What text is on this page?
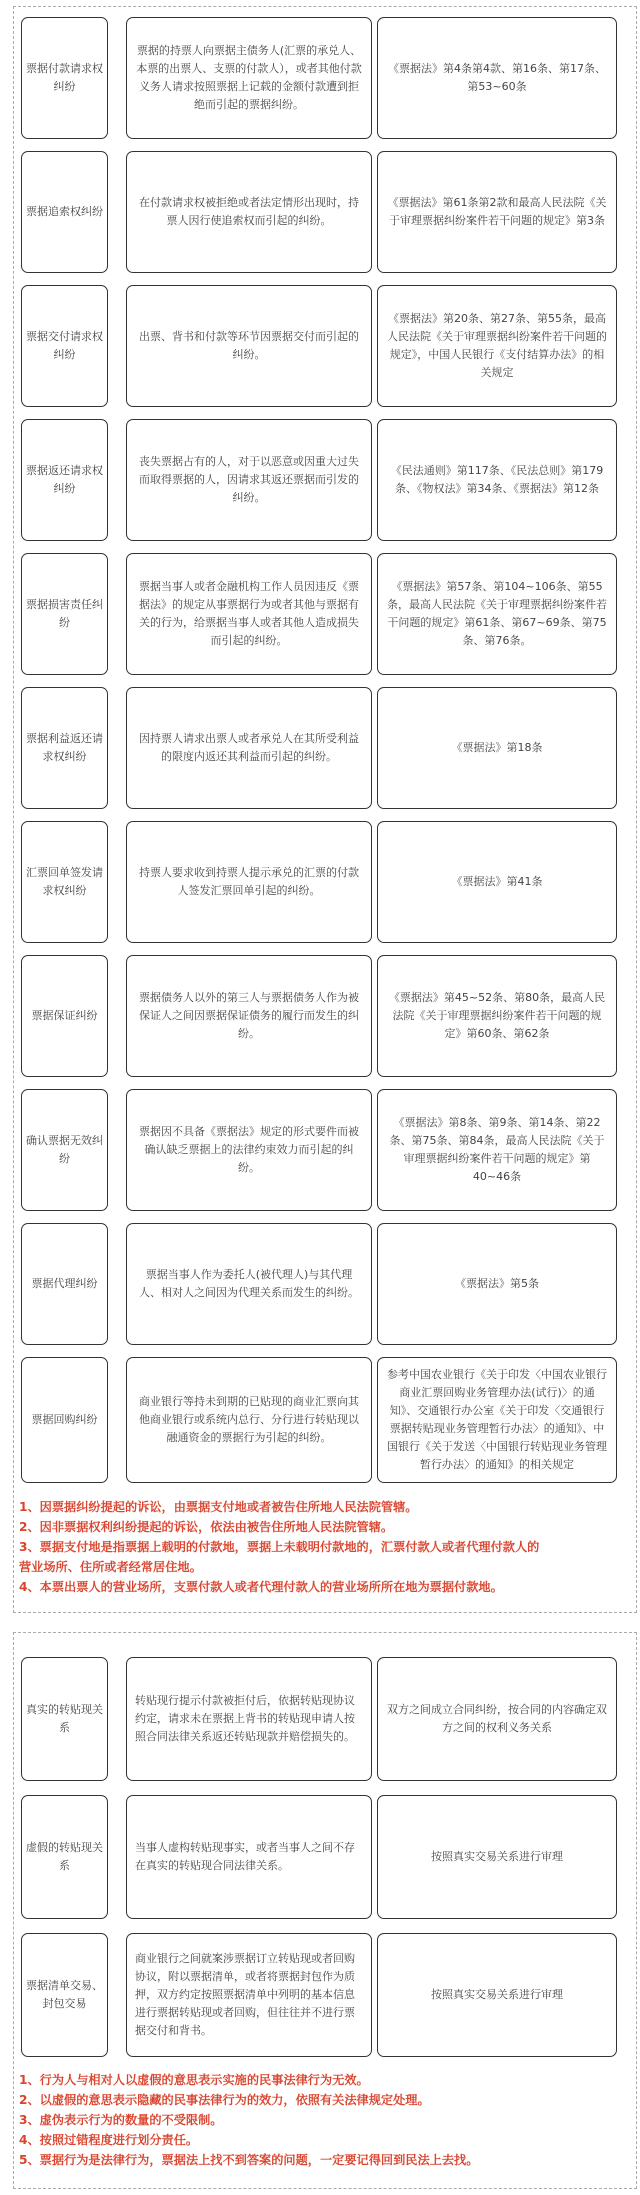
票据付款请求权纠纷
票据的持票人向票据主债务人(汇票的承兑人、本票的出票人、支票的付款人），或者其他付款义务人请求按照票据上记载的金额付款遭到拒绝而引起的票据纠纷。
《票据法》第4条第4款、第16条、第17条、第53~60条
票据追索权纠纷
在付款请求权被拒绝或者法定情形出现时，持票人因行使追索权而引起的纠纷。
《票据法》第61条第2款和最高人民法院《关于审理票据纠纷案件若干问题的规定》第3条
票据交付请求权纠纷
出票、背书和付款等环节因票据交付而引起的纠纷。
《票据法》第20条、第27条、第55条，最高人民法院《关于审理票据纠纷案件若干问题的规定》，中国人民银行《支付结算办法》的相关规定
票据返还请求权纠纷
丧失票据占有的人，对于以恶意或因重大过失而取得票据的人，因请求其返还票据而引发的纠纷。
《民法通则》第117条、《民法总则》第179条、《物权法》第34条、《票据法》第12条
票据损害责任纠纷
票据当事人或者金融机构工作人员因违反《票据法》的规定从事票据行为或者其他与票据有关的行为，给票据当事人或者其他人造成损失而引起的纠纷。
《票据法》第57条、第104~106条、第55条，最高人民法院《关于审理票据纠纷案件若干问题的规定》第61条、第67~69条、第75条、第76条。
票据利益返还请求权纠纷
因持票人请求出票人或者承兑人在其所受利益的限度内返还其利益而引起的纠纷。
《票据法》第18条
汇票回单签发请求权纠纷
持票人要求收到持票人提示承兑的汇票的付款人签发汇票回单引起的纠纷。
《票据法》第41条
票据保证纠纷
票据债务人以外的第三人与票据债务人作为被保证人之间因票据保证债务的履行而发生的纠纷。
《票据法》第45~52条、第80条，最高人民法院《关于审理票据纠纷案件若干问题的规定》第60条、第62条
确认票据无效纠纷
票据因不具备《票据法》规定的形式要件而被确认缺乏票据上的法律约束效力而引起的纠纷。
《票据法》第8条、第9条、第14条、第22条、第75条、第84条，最高人民法院《关于审理票据纠纷案件若干问题的规定》第40~46条
票据代理纠纷
票据当事人作为委托人(被代理人)与其代理人、相对人之间因为代理关系而发生的纠纷。
《票据法》第5条
票据回购纠纷
商业银行等持未到期的已贴现的商业汇票向其他商业银行或系统内总行、分行进行转贴现以融通资金的票据行为引起的纠纷。
参考中国农业银行《关于印发〈中国农业银行商业汇票回购业务管理办法(试行)〉的通知》、交通银行办公室《关于印发〈交通银行票据转贴现业务管理暂行办法〉的通知》、中国银行《关于发送〈中国银行转贴现业务管理暂行办法〉的通知》的相关规定
1、因票据纠纷提起的诉讼，由票据支付地或者被告住所地人民法院管辖。
2、因非票据权利纠纷提起的诉讼，依法由被告住所地人民法院管辖。
3、票据支付地是指票据上载明的付款地，票据上未载明付款地的，汇票付款人或者代理付款人的
营业场所、住所或者经常居住地。
4、本票出票人的营业场所，支票付款人或者代理付款人的营业场所所在地为票据付款地。
真实的转贴现关系
转贴现行提示付款被拒付后，依据转贴现协议约定，请求未在票据上背书的转贴现申请人按照合同法律关系返还转贴现款并赔偿损失的。
双方之间成立合同纠纷，按合同的内容确定双方之间的权利义务关系
虚假的转贴现关系
当事人虚构转贴现事实，或者当事人之间不存在真实的转贴现合同法律关系。
按照真实交易关系进行审理
票据清单交易、封包交易
商业银行之间就案涉票据订立转贴现或者回购协议，附以票据清单，或者将票据封包作为质押，双方约定按照票据清单中列明的基本信息进行票据转贴现或者回购，但往往并不进行票据交付和背书。
按照真实交易关系进行审理
1、行为人与相对人以虚假的意思表示实施的民事法律行为无效。
2、以虚假的意思表示隐藏的民事法律行为的效力，依照有关法律规定处理。
3、虚伪表示行为的数量的不受限制。
4、按照过错程度进行划分责任。
5、票据行为是法律行为，票据法上找不到答案的问题，一定要记得回到民法上去找。
